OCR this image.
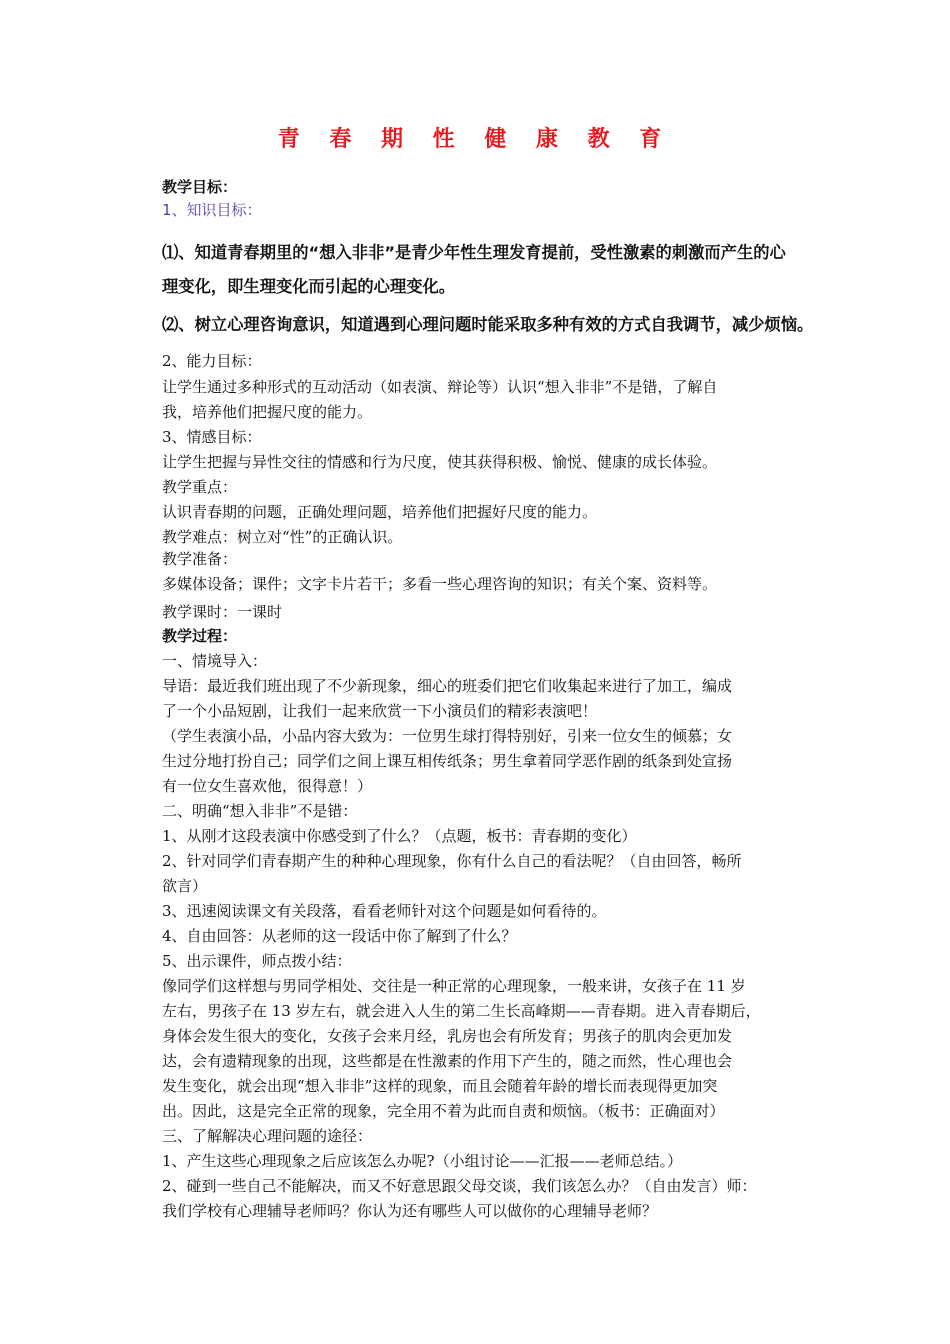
青 春 期 性 健 康 教 育
教学目标：
1、知识目标：
⑴、知道青春期里的“想入非非”是青少年性生理发育提前，受性激素的刺激而产生的心
理变化，即生理变化而引起的心理变化。
⑵、树立心理咨询意识，知道遇到心理问题时能采取多种有效的方式自我调节，减少烦恼。
2、能力目标：
让学生通过多种形式的互动活动（如表演、辩论等）认识“想入非非”不是错，了解自
我，培养他们把握尺度的能力。
3、情感目标：
让学生把握与异性交往的情感和行为尺度，使其获得积极、愉悦、健康的成长体验。
教学重点：
认识青春期的问题，正确处理问题，培养他们把握好尺度的能力。
教学难点：树立对“性”的正确认识。
教学准备：
多媒体设备；课件；文字卡片若干；多看一些心理咨询的知识；有关个案、资料等。
教学课时：一课时
教学过程：
一、情境导入：
导语：最近我们班出现了不少新现象，细心的班委们把它们收集起来进行了加工，编成
了一个小品短剧，让我们一起来欣赏一下小演员们的精彩表演吧！
（学生表演小品，小品内容大致为：一位男生球打得特别好，引来一位女生的倾慕；女
生过分地打扮自己；同学们之间上课互相传纸条；男生拿着同学恶作剧的纸条到处宣扬
有一位女生喜欢他，很得意！）
二、明确“想入非非”不是错：
1、从刚才这段表演中你感受到了什么？（点题，板书：青春期的变化）
2、针对同学们青春期产生的种种心理现象，你有什么自己的看法呢？（自由回答，畅所
欲言）
3、迅速阅读课文有关段落，看看老师针对这个问题是如何看待的。
4、自由回答：从老师的这一段话中你了解到了什么？
5、出示课件，师点拨小结：
像同学们这样想与男同学相处、交往是一种正常的心理现象，一般来讲，女孩子在 11 岁
左右，男孩子在 13 岁左右，就会进入人生的第二生长高峰期——青春期。进入青春期后，
身体会发生很大的变化，女孩子会来月经，乳房也会有所发育；男孩子的肌肉会更加发
达，会有遗精现象的出现，这些都是在性激素的作用下产生的，随之而然，性心理也会
发生变化，就会出现“想入非非”这样的现象，而且会随着年龄的增长而表现得更加突
出。因此，这是完全正常的现象，完全用不着为此而自责和烦恼。（板书：正确面对）
三、了解解决心理问题的途径：
1、产生这些心理现象之后应该怎么办呢?（小组讨论——汇报——老师总结。）
2、碰到一些自己不能解决，而又不好意思跟父母交谈，我们该怎么办？（自由发言）师：
我们学校有心理辅导老师吗？你认为还有哪些人可以做你的心理辅导老师？
